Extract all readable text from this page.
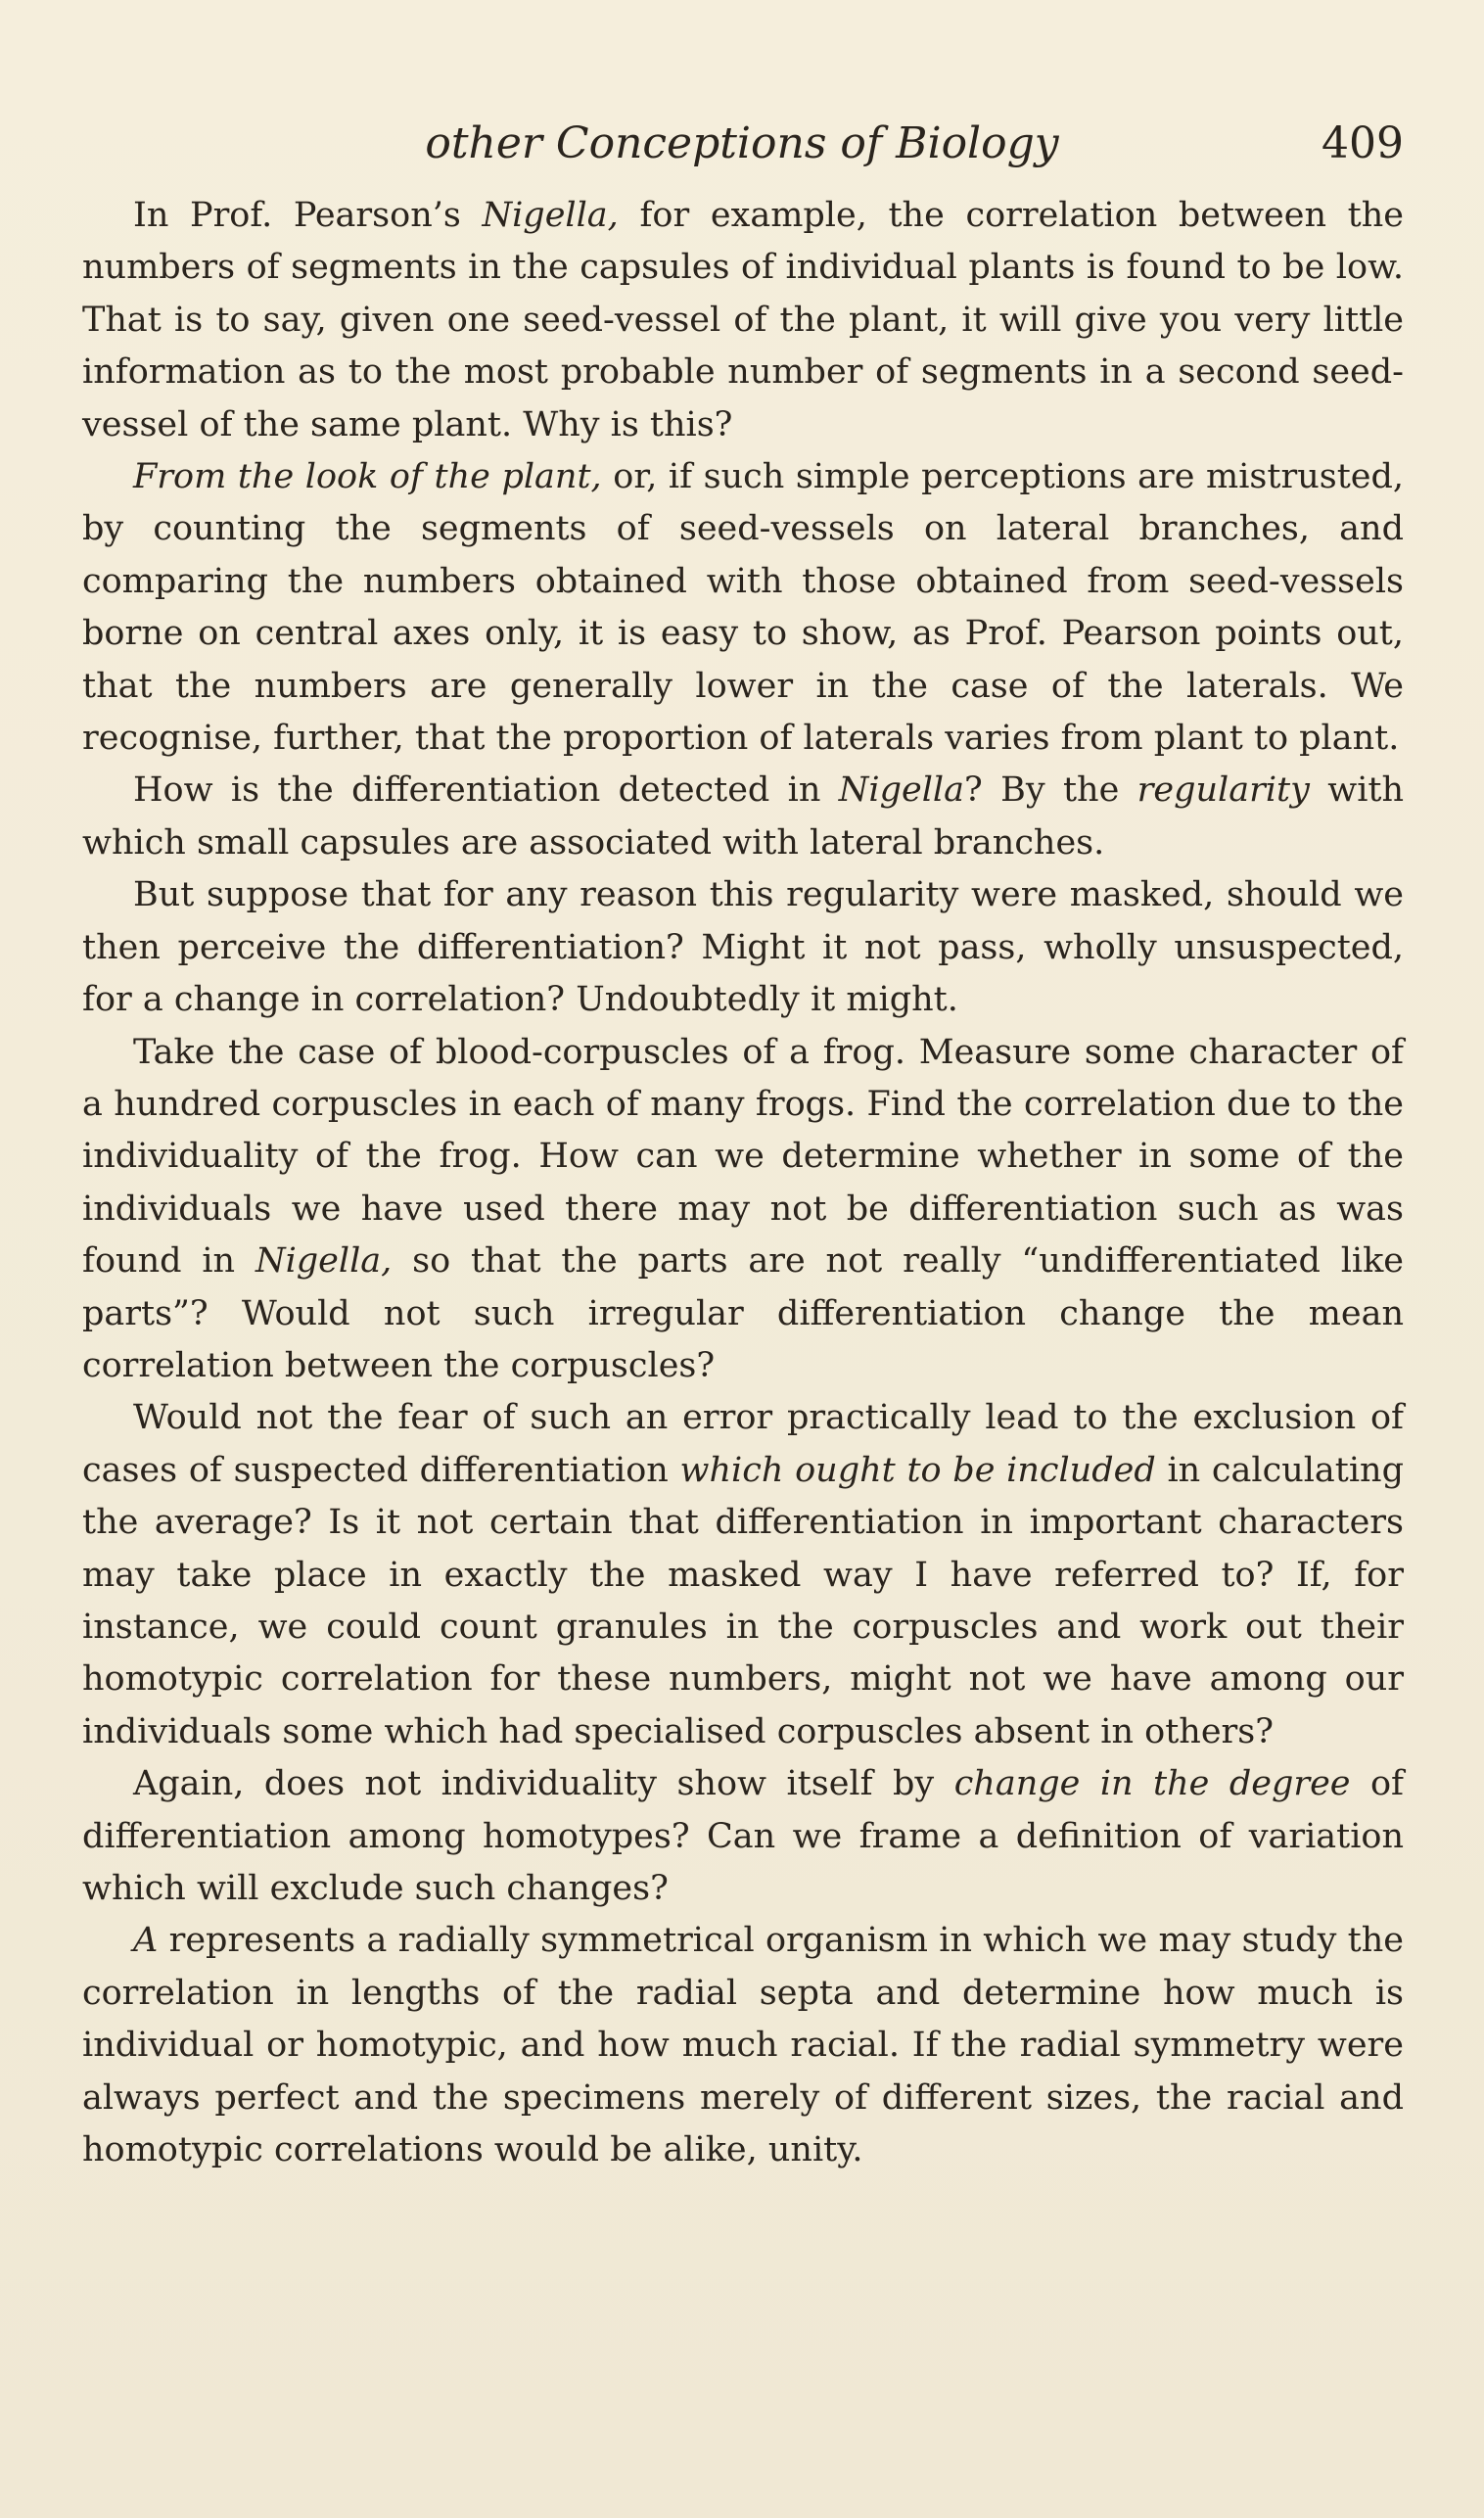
other Conceptions of Biology	409

In Prof. Pearson’s Nigella, for example, the correlation between the numbers of segments in the capsules of individual plants is found to be low. That is to say, given one seed-vessel of the plant, it will give you very little information as to the most probable number of segments in a second seed-vessel of the same plant. Why is this?

From the look of the plant, or, if such simple perceptions are mistrusted, by counting the segments of seed-vessels on lateral branches, and comparing the numbers obtained with those obtained from seed-vessels borne on central axes only, it is easy to show, as Prof. Pearson points out, that the numbers are generally lower in the case of the laterals. We recognise, further, that the proportion of laterals varies from plant to plant.

How is the differentiation detected in Nigella? By the regularity with which small capsules are associated with lateral branches.

But suppose that for any reason this regularity were masked, should we then perceive the differentiation? Might it not pass, wholly unsuspected, for a change in correlation? Undoubtedly it might.

Take the case of blood-corpuscles of a frog. Measure some character of a hundred corpuscles in each of many frogs. Find the correlation due to the individuality of the frog. How can we determine whether in some of the individuals we have used there may not be differentiation such as was found in Nigella, so that the parts are not really “undifferentiated like parts”? Would not such irregular differentiation change the mean correlation between the corpuscles?

Would not the fear of such an error practically lead to the exclusion of cases of suspected differentiation which ought to be included in calculating the average? Is it not certain that differentiation in important characters may take place in exactly the masked way I have referred to? If, for instance, we could count granules in the corpuscles and work out their homotypic correlation for these numbers, might not we have among our individuals some which had specialised corpuscles absent in others?

Again, does not individuality show itself by change in the degree of differentiation among homotypes? Can we frame a definition of variation which will exclude such changes?

A represents a radially symmetrical organism in which we may study the correlation in lengths of the radial septa and determine how much is individual or homotypic, and how much racial. If the radial symmetry were always perfect and the specimens merely of different sizes, the racial and homotypic correlations would be alike, unity.
